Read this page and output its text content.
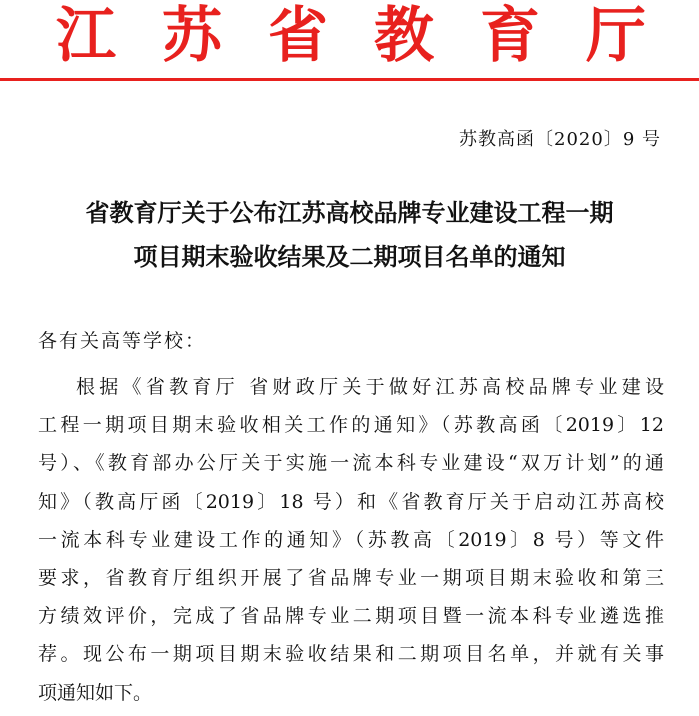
江 苏 省 教 育 厅
苏教高函〔2020〕9 号
省教育厅关于公布江苏高校品牌专业建设工程一期
项目期末验收结果及二期项目名单的通知
各有关高等学校：
根据《省教育厅 省财政厅关于做好江苏高校品牌专业建设
工程一期项目期末验收相关工作的通知》（苏教高函〔2019〕12
号）、《教育部办公厅关于实施一流本科专业建设“双万计划”的通
知》（教高厅函〔2019〕18 号）和《省教育厅关于启动江苏高校
一流本科专业建设工作的通知》（苏教高〔2019〕8 号）等文件
要求，省教育厅组织开展了省品牌专业一期项目期末验收和第三
方绩效评价，完成了省品牌专业二期项目暨一流本科专业遴选推
荐。现公布一期项目期末验收结果和二期项目名单，并就有关事
项通知如下。
